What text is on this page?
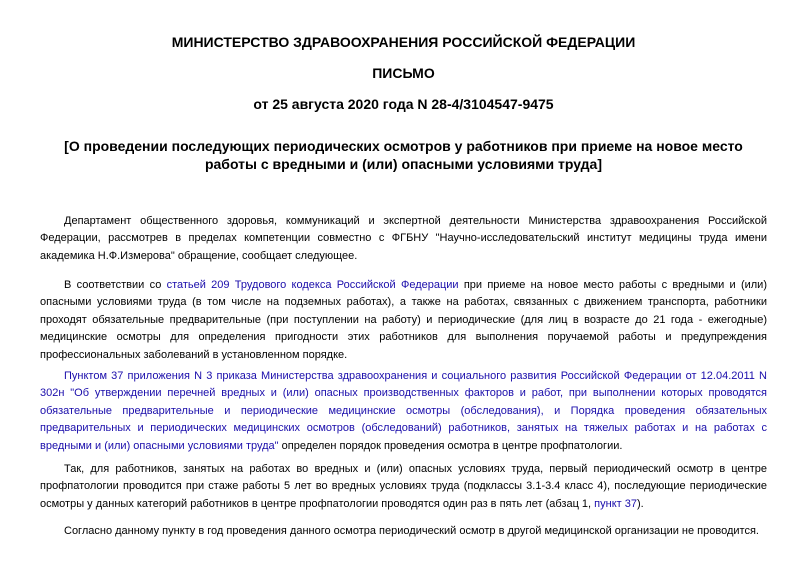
МИНИСТЕРСТВО ЗДРАВООХРАНЕНИЯ РОССИЙСКОЙ ФЕДЕРАЦИИ
ПИСЬМО
от 25 августа 2020 года N 28-4/3104547-9475
[О проведении последующих периодических осмотров у работников при приеме на новое место работы с вредными и (или) опасными условиями труда]

Департамент общественного здоровья, коммуникаций и экспертной деятельности Министерства здравоохранения Российской Федерации, рассмотрев в пределах компетенции совместно с ФГБНУ "Научно-исследовательский институт медицины труда имени академика Н.Ф.Измерова" обращение, сообщает следующее.

В соответствии со статьей 209 Трудового кодекса Российской Федерации при приеме на новое место работы с вредными и (или) опасными условиями труда (в том числе на подземных работах), а также на работах, связанных с движением транспорта, работники проходят обязательные предварительные (при поступлении на работу) и периодические (для лиц в возрасте до 21 года - ежегодные) медицинские осмотры для определения пригодности этих работников для выполнения поручаемой работы и предупреждения профессиональных заболеваний в установленном порядке.

Пунктом 37 приложения N 3 приказа Министерства здравоохранения и социального развития Российской Федерации от 12.04.2011 N 302н "Об утверждении перечней вредных и (или) опасных производственных факторов и работ, при выполнении которых проводятся обязательные предварительные и периодические медицинские осмотры (обследования), и Порядка проведения обязательных предварительных и периодических медицинских осмотров (обследований) работников, занятых на тяжелых работах и на работах с вредными и (или) опасными условиями труда" определен порядок проведения осмотра в центре профпатологии.

Так, для работников, занятых на работах во вредных и (или) опасных условиях труда, первый периодический осмотр в центре профпатологии проводится при стаже работы 5 лет во вредных условиях труда (подклассы 3.1-3.4 класс 4), последующие периодические осмотры у данных категорий работников в центре профпатологии проводятся один раз в пять лет (абзац 1, пункт 37).

Согласно данному пункту в год проведения данного осмотра периодический осмотр в другой медицинской организации не проводится.
